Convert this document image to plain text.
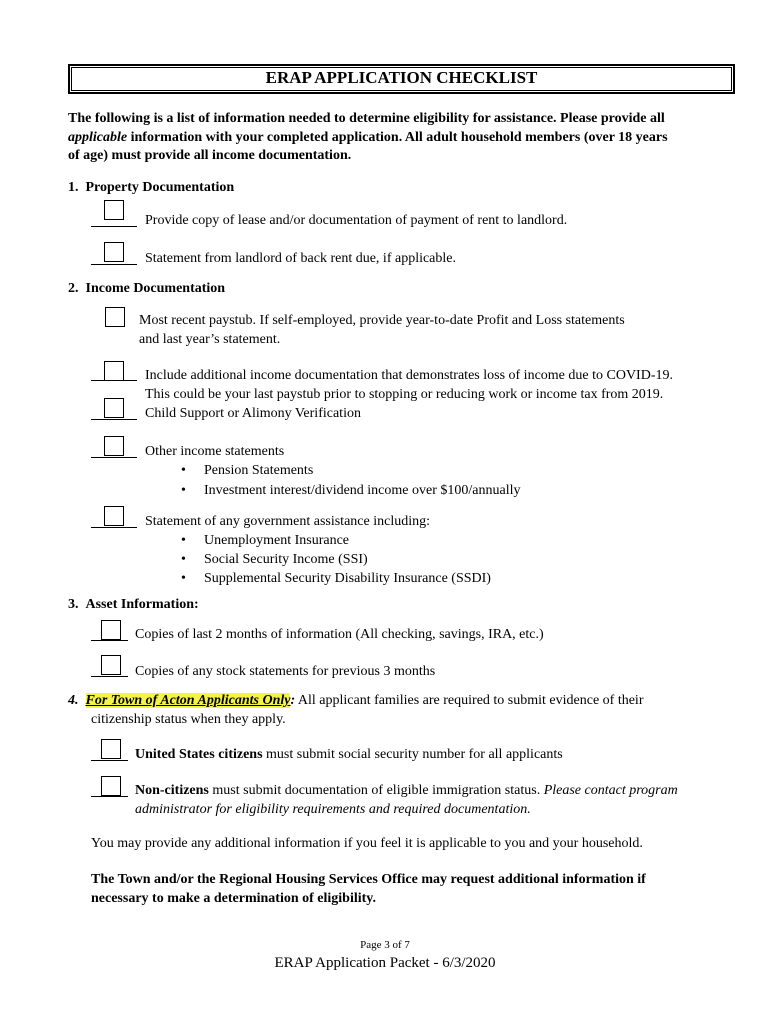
ERAP APPLICATION CHECKLIST
The following is a list of information needed to determine eligibility for assistance. Please provide all
applicable information with your completed application. All adult household members (over 18 years
of age) must provide all income documentation.
1. Property Documentation
Provide copy of lease and/or documentation of payment of rent to landlord.
Statement from landlord of back rent due, if applicable.
2. Income Documentation
Most recent paystub. If self-employed, provide year-to-date Profit and Loss statements
and last year’s statement.
Include additional income documentation that demonstrates loss of income due to COVID-19.
This could be your last paystub prior to stopping or reducing work or income tax from 2019.
Child Support or Alimony Verification
Other income statements
• Pension Statements
• Investment interest/dividend income over $100/annually
Statement of any government assistance including:
• Unemployment Insurance
• Social Security Income (SSI)
• Supplemental Security Disability Insurance (SSDI)
3. Asset Information:
Copies of last 2 months of information (All checking, savings, IRA, etc.)
Copies of any stock statements for previous 3 months
4. For Town of Acton Applicants Only: All applicant families are required to submit evidence of their
citizenship status when they apply.
United States citizens must submit social security number for all applicants
Non-citizens must submit documentation of eligible immigration status. Please contact program
administrator for eligibility requirements and required documentation.
You may provide any additional information if you feel it is applicable to you and your household.
The Town and/or the Regional Housing Services Office may request additional information if
necessary to make a determination of eligibility.
Page 3 of 7
ERAP Application Packet - 6/3/2020
